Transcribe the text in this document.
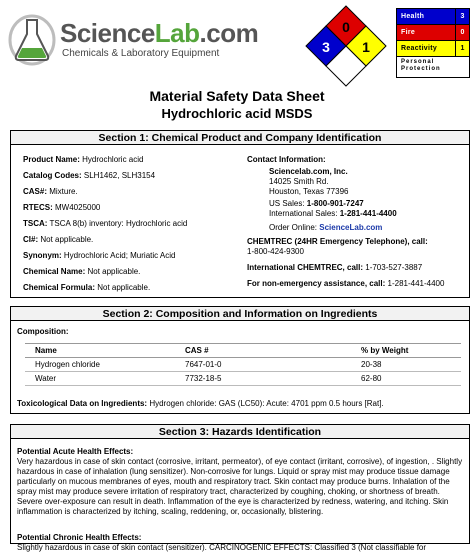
ScienceLab.com
Chemicals & Laboratory Equipment
0
3 1
Health	3
Fire	0
Reactivity	1
Personal
Protection
Material Safety Data Sheet
Hydrochloric acid MSDS
Section 1: Chemical Product and Company Identification
Product Name: Hydrochloric acid
Catalog Codes: SLH1462, SLH3154
CAS#: Mixture.
RTECS: MW4025000
TSCA: TSCA 8(b) inventory: Hydrochloric acid
CI#: Not applicable.
Synonym: Hydrochloric Acid; Muriatic Acid
Chemical Name: Not applicable.
Chemical Formula: Not applicable.
Contact Information:
Sciencelab.com, Inc.
14025 Smith Rd.
Houston, Texas 77396
US Sales: 1-800-901-7247
International Sales: 1-281-441-4400
Order Online: ScienceLab.com
CHEMTREC (24HR Emergency Telephone), call:
1-800-424-9300
International CHEMTREC, call: 1-703-527-3887
For non-emergency assistance, call: 1-281-441-4400
Section 2: Composition and Information on Ingredients
Composition:
Name	CAS #	% by Weight
Hydrogen chloride	7647-01-0	20-38
Water	7732-18-5	62-80
Toxicological Data on Ingredients: Hydrogen chloride: GAS (LC50): Acute: 4701 ppm 0.5 hours [Rat].
Section 3: Hazards Identification
Potential Acute Health Effects:
Very hazardous in case of skin contact (corrosive, irritant, permeator), of eye contact (irritant, corrosive), of ingestion, . Slightly hazardous in case of inhalation (lung sensitizer). Non-corrosive for lungs. Liquid or spray mist may produce tissue damage particularly on mucous membranes of eyes, mouth and respiratory tract. Skin contact may produce burns. Inhalation of the spray mist may produce severe irritation of respiratory tract, characterized by coughing, choking, or shortness of breath. Severe over-exposure can result in death. Inflammation of the eye is characterized by redness, watering, and itching. Skin inflammation is characterized by itching, scaling, reddening, or, occasionally, blistering.
Potential Chronic Health Effects:
Slightly hazardous in case of skin contact (sensitizer). CARCINOGENIC EFFECTS: Classified 3 (Not classifiable for
